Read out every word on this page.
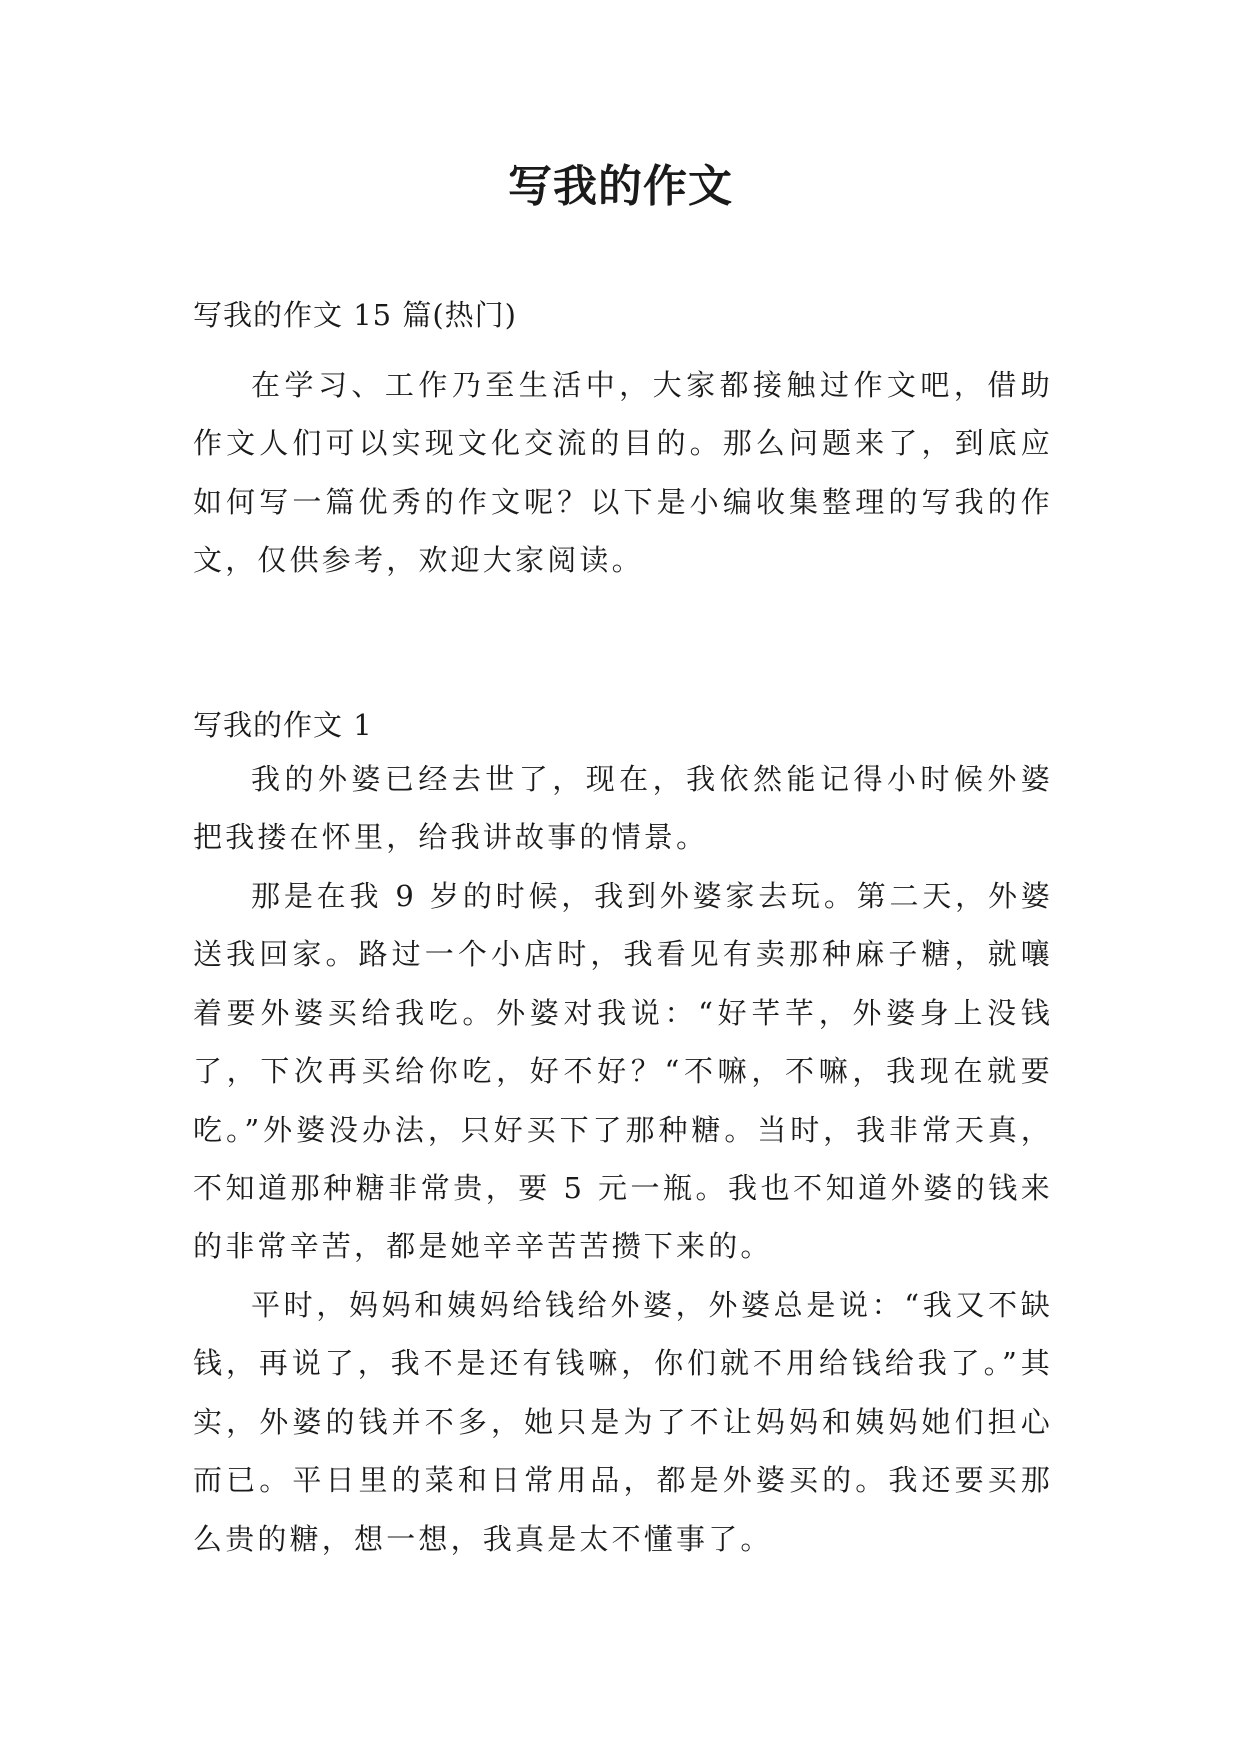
写我的作文

写我的作文 15 篇(热门)

在学习、工作乃至生活中，大家都接触过作文吧，借助作文人们可以实现文化交流的目的。那么问题来了，到底应如何写一篇优秀的作文呢？以下是小编收集整理的写我的作文，仅供参考，欢迎大家阅读。

写我的作文 1

我的外婆已经去世了，现在，我依然能记得小时候外婆把我搂在怀里，给我讲故事的情景。

那是在我 9 岁的时候，我到外婆家去玩。第二天，外婆送我回家。路过一个小店时，我看见有卖那种麻子糖，就嚷着要外婆买给我吃。外婆对我说：“好芊芊，外婆身上没钱了，下次再买给你吃，好不好？“不嘛，不嘛，我现在就要吃。”外婆没办法，只好买下了那种糖。当时，我非常天真，不知道那种糖非常贵，要 5 元一瓶。我也不知道外婆的钱来的非常辛苦，都是她辛辛苦苦攒下来的。

平时，妈妈和姨妈给钱给外婆，外婆总是说：“我又不缺钱，再说了，我不是还有钱嘛，你们就不用给钱给我了。”其实，外婆的钱并不多，她只是为了不让妈妈和姨妈她们担心而已。平日里的菜和日常用品，都是外婆买的。我还要买那么贵的糖，想一想，我真是太不懂事了。
